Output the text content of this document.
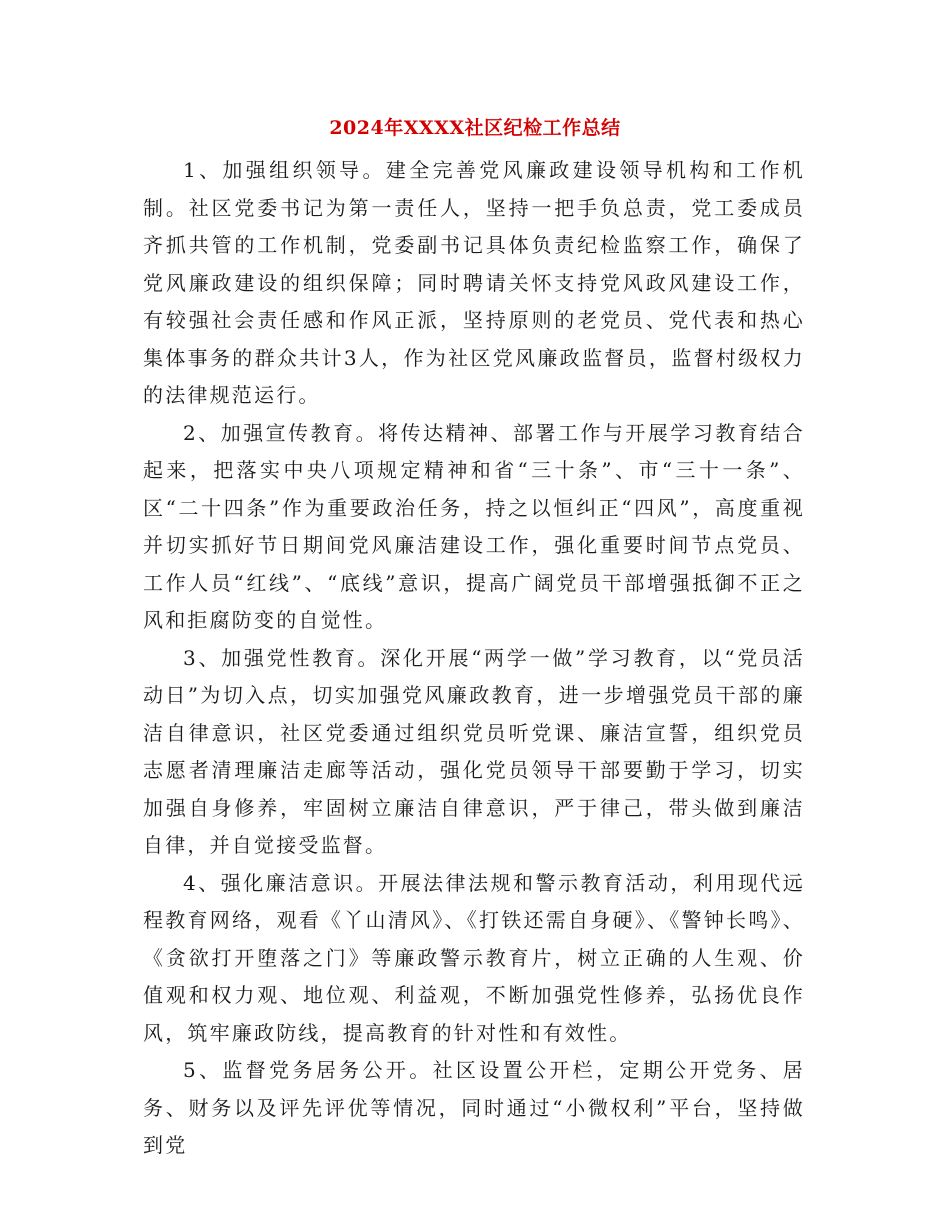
2024年XXXX社区纪检工作总结

1、加强组织领导。建全完善党风廉政建设领导机构和工作机制。社区党委书记为第一责任人，坚持一把手负总责，党工委成员齐抓共管的工作机制，党委副书记具体负责纪检监察工作，确保了党风廉政建设的组织保障；同时聘请关怀支持党风政风建设工作，有较强社会责任感和作风正派，坚持原则的老党员、党代表和热心集体事务的群众共计3人，作为社区党风廉政监督员，监督村级权力的法律规范运行。

2、加强宣传教育。将传达精神、部署工作与开展学习教育结合起来，把落实中央八项规定精神和省“三十条”、市“三十一条”、区“二十四条”作为重要政治任务，持之以恒纠正“四风”，高度重视并切实抓好节日期间党风廉洁建设工作，强化重要时间节点党员、工作人员“红线”、“底线”意识，提高广阔党员干部增强抵御不正之风和拒腐防变的自觉性。

3、加强党性教育。深化开展“两学一做”学习教育，以“党员活动日”为切入点，切实加强党风廉政教育，进一步增强党员干部的廉洁自律意识，社区党委通过组织党员听党课、廉洁宣誓，组织党员志愿者清理廉洁走廊等活动，强化党员领导干部要勤于学习，切实加强自身修养，牢固树立廉洁自律意识，严于律己，带头做到廉洁自律，并自觉接受监督。

4、强化廉洁意识。开展法律法规和警示教育活动，利用现代远程教育网络，观看《丫山清风》、《打铁还需自身硬》、《警钟长鸣》、《贪欲打开堕落之门》等廉政警示教育片，树立正确的人生观、价值观和权力观、地位观、利益观，不断加强党性修养，弘扬优良作风，筑牢廉政防线，提高教育的针对性和有效性。

5、监督党务居务公开。社区设置公开栏，定期公开党务、居务、财务以及评先评优等情况，同时通过“小微权利”平台，坚持做到党
